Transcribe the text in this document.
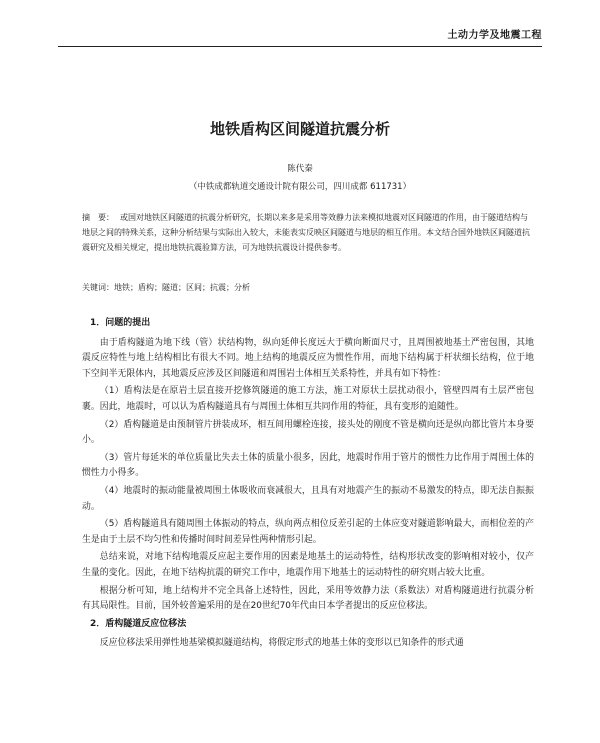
土动力学及地震工程
地铁盾构区间隧道抗震分析
陈代秦
（中铁成都轨道交通设计院有限公司，四川成都 611731）
摘　要： 或国对地铁区间隧道的抗震分析研究，长期以来多是采用等效静力法来模拟地震对区间隧道的作用，由于隧道结构与地层之间的特殊关系，这种分析结果与实际出入较大，未能表实反映区间隧道与地层的相互作用。本文结合国外地铁区间隧道抗震研究及相关规定，提出地铁抗震验算方法，可为地铁抗震设计提供参考。
关键词：地铁；盾构；隧道；区间；抗震；分析
1．问题的提出

由于盾构隧道为地下线（管）状结构物，纵向延伸长度远大于横向断面尺寸，且周围被地基土严密包围，其地震反应特性与地上结构相比有很大不同。地上结构的地震反应为惯性作用，而地下结构属于杆状细长结构，位于地下空间半无限体内，其地震反应涉及区间隧道和周围岩土体相互关系特性，并具有如下特性：

（1）盾构法是在原岩土层直接开挖修筑隧道的施工方法，施工对原状土层扰动很小，管壁四周有土层严密包裹。因此，地震时，可以认为盾构隧道具有与周围土体相互共同作用的特征，具有变形的追随性。

（2）盾构隧道是由预制管片拼装成环，相互间用螺栓连接，接头处的刚度不管是横向还是纵向都比管片本身要小。

（3）管片每延米的单位质量比失去土体的质量小很多，因此，地震时作用于管片的惯性力比作用于周围土体的惯性力小得多。

（4）地震时的振动能量被周围土体吸收而衰减很大，且具有对地震产生的振动不易激发的特点，即无法自振振动。

（5）盾构隧道具有随周围土体振动的特点，纵向两点相位反差引起的土体应变对隧道影响最大，而相位差的产生是由于土层不均匀性和传播时间时间差异性两种情形引起。

总结来说，对地下结构地震反应起主要作用的因素是地基土的运动特性，结构形状改变的影响相对较小，仅产生量的变化。因此，在地下结构抗震的研究工作中，地震作用下地基土的运动特性的研究则占较大比重。

根据分析可知，地上结构并不完全具备上述特性，因此，采用等效静力法（系数法）对盾构隧道进行抗震分析有其局限性。目前，国外较普遍采用的是在20世纪70年代由日本学者提出的反应位移法。

2．盾构隧道反应位移法

反应位移法采用弹性地基梁模拟隧道结构，将假定形式的地基土体的变形以已知条件的形式通
